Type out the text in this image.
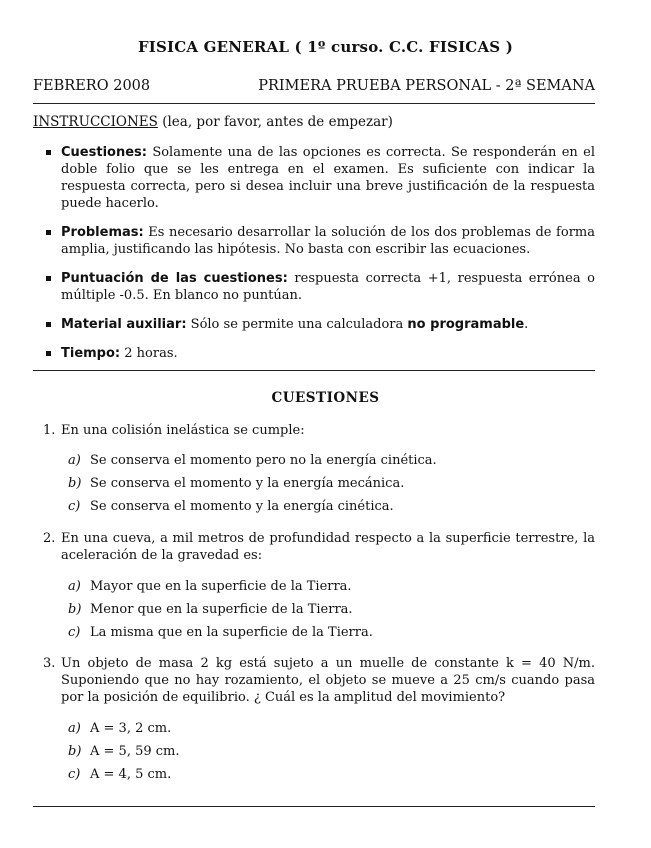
FISICA GENERAL ( 1º curso. C.C. FISICAS )
FEBRERO 2008	PRIMERA PRUEBA PERSONAL - 2ª SEMANA
INSTRUCCIONES (lea, por favor, antes de empezar)
Cuestiones: Solamente una de las opciones es correcta. Se responderán en el doble folio que se les entrega en el examen. Es suficiente con indicar la respuesta correcta, pero si desea incluir una breve justificación de la respuesta puede hacerlo.
Problemas: Es necesario desarrollar la solución de los dos problemas de forma amplia, justificando las hipótesis. No basta con escribir las ecuaciones.
Puntuación de las cuestiones: respuesta correcta +1, respuesta errónea o múltiple -0.5. En blanco no puntúan.
Material auxiliar: Sólo se permite una calculadora no programable.
Tiempo: 2 horas.
CUESTIONES
1. En una colisión inelástica se cumple:
a) Se conserva el momento pero no la energía cinética.
b) Se conserva el momento y la energía mecánica.
c) Se conserva el momento y la energía cinética.
2. En una cueva, a mil metros de profundidad respecto a la superficie terrestre, la aceleración de la gravedad es:
a) Mayor que en la superficie de la Tierra.
b) Menor que en la superficie de la Tierra.
c) La misma que en la superficie de la Tierra.
3. Un objeto de masa 2 kg está sujeto a un muelle de constante k = 40 N/m. Suponiendo que no hay rozamiento, el objeto se mueve a 25 cm/s cuando pasa por la posición de equilibrio. ¿ Cuál es la amplitud del movimiento?
a) A = 3, 2 cm.
b) A = 5, 59 cm.
c) A = 4, 5 cm.
